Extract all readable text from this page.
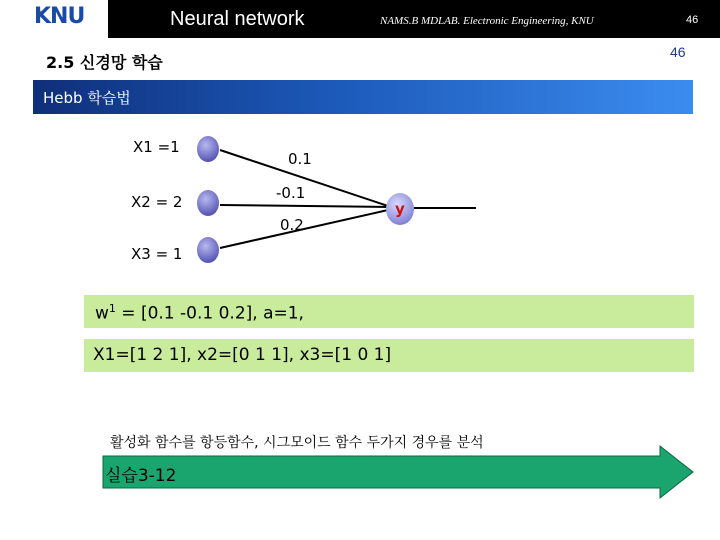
KNU	Neural network	NAMS.B MDLAB. Electronic Engineering, KNU	46
46
2.5 신경망 학습
Hebb 학습법
X1 =1
X2 = 2
X3 = 1
0.1
-0.1
0.2
y
$w^1 = [0.1$ -0.1 0.2], a=1,
X1=[1 2 1], x2=[0 1 1], x3=[1 0 1]
활성화 함수를 항등함수, 시그모이드 함수 두가지 경우를 분석
실습3-12
